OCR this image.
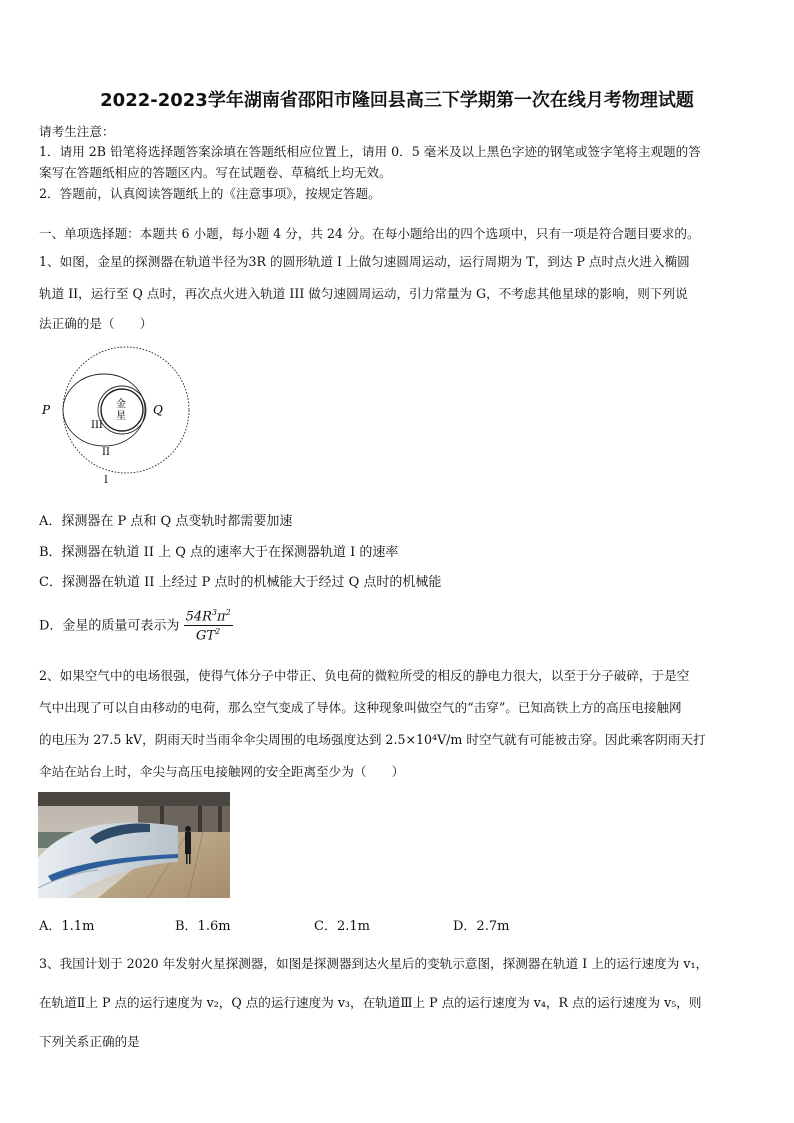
2022-2023学年湖南省邵阳市隆回县高三下学期第一次在线月考物理试题
请考生注意：
1．请用 2B 铅笔将选择题答案涂填在答题纸相应位置上，请用 0．5 毫米及以上黑色字迹的钢笔或签字笔将主观题的答
案写在答题纸相应的答题区内。写在试题卷、草稿纸上均无效。
2．答题前，认真阅读答题纸上的《注意事项》，按规定答题。
一、单项选择题：本题共 6 小题，每小题 4 分，共 24 分。在每小题给出的四个选项中，只有一项是符合题目要求的。
1、如图，金星的探测器在轨道半径为3R 的圆形轨道 I 上做匀速圆周运动，运行周期为 T，到达 P 点时点火进入椭圆
轨道 II，运行至 Q 点时，再次点火进入轨道 III 做匀速圆周运动，引力常量为 G，不考虑其他星球的影响，则下列说
法正确的是（　　）
P	Q
金
星
III
II
I
A．探测器在 P 点和 Q 点变轨时都需要加速
B．探测器在轨道 II 上 Q 点的速率大于在探测器轨道 I 的速率
C．探测器在轨道 II 上经过 P 点时的机械能大于经过 Q 点时的机械能
D．金星的质量可表示为 $\frac{54R^3\pi^2}{GT^2}$
2、如果空气中的电场很强，使得气体分子中带正、负电荷的微粒所受的相反的静电力很大，以至于分子破碎，于是空
气中出现了可以自由移动的电荷，那么空气变成了导体。这种现象叫做空气的“击穿”。已知高铁上方的高压电接触网
的电压为 27.5 kV，阴雨天时当雨伞伞尖周围的电场强度达到 2.5×10⁴V/m 时空气就有可能被击穿。因此乘客阴雨天打
伞站在站台上时，伞尖与高压电接触网的安全距离至少为（　　）
A．1.1m	B．1.6m	C．2.1m	D．2.7m
3、我国计划于 2020 年发射火星探测器，如图是探测器到达火星后的变轨示意图，探测器在轨道 I 上的运行速度为 v₁，
在轨道Ⅱ上 P 点的运行速度为 v₂，Q 点的运行速度为 v₃，在轨道Ⅲ上 P 点的运行速度为 v₄，R 点的运行速度为 v₅，则
下列关系正确的是
